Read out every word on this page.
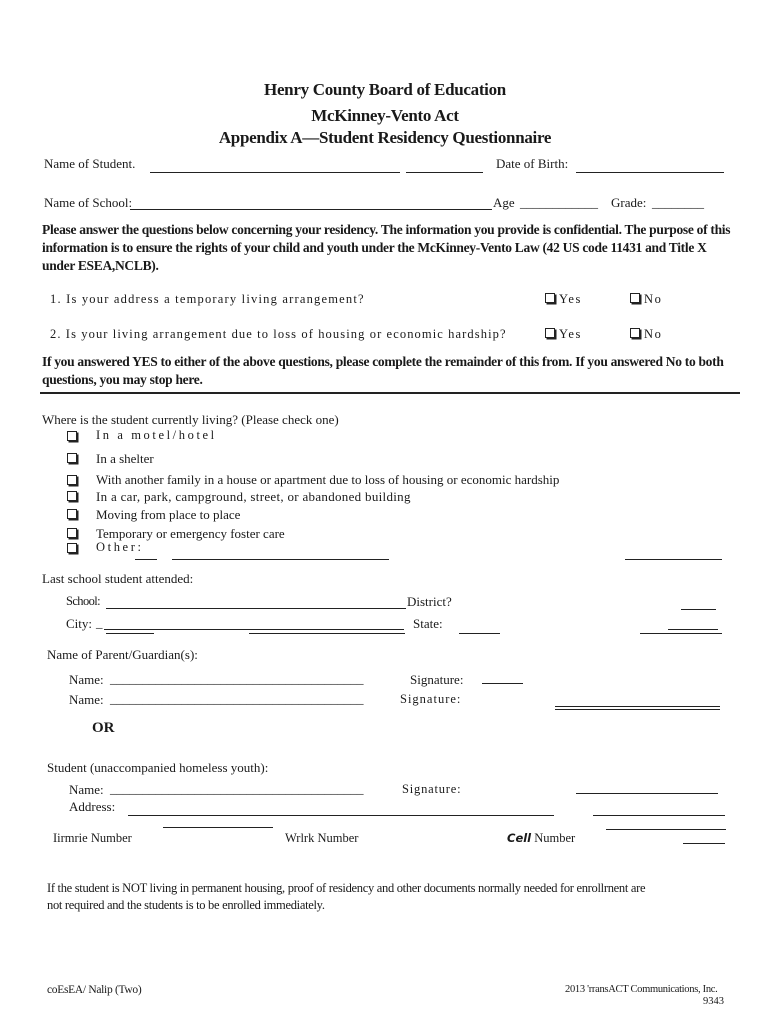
Henry County Board of Education
McKinney-Vento Act
Appendix A—Student Residency Questionnaire
Name of Student.	Date of Birth:
Name of School:	Age ____________ Grade: ________
Please answer the questions below concerning your residency. The information you provide is confidential. The purpose of this information is to ensure the rights of your child and youth under the McKinney-Vento Law (42 US code 11431 and Title X under ESEA,NCLB).
1. Is your address a temporary living arrangement?	Yes	No
2. Is your living arrangement due to loss of housing or economic hardship?	Yes	No
If you answered YES to either of the above questions, please complete the remainder of this from. If you answered No to both questions, you may stop here.
Where is the student currently living? (Please check one)
In a motel/hotel
In a shelter
With another family in a house or apartment due to loss of housing or economic hardship
In a car, park, campground, street, or abandoned building
Moving from place to place
Temporary or emergency foster care
Other:
Last school student attended:
School:	District?
City: _	State:
Name of Parent/Guardian(s):
Name: _______________________________________	Signature:
Name: _______________________________________	Signature:
OR
Student (unaccompanied homeless youth):
Name: _______________________________________	Signature:
Address:
Iirmrie Number	Wrlrk Number	Cell Number
If the student is NOT living in permanent housing, proof of residency and other documents normally needed for enrollrnent are not required and the students is to be enrolled immediately.
coEsEA/ Nalip (Two)	2013 'rransACT Communications, Inc.
9343
